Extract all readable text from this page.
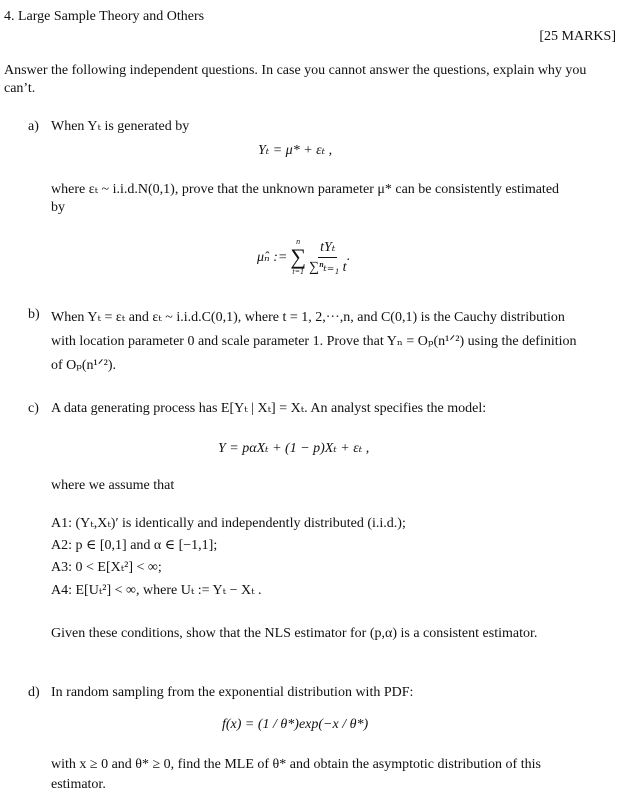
4. Large Sample Theory and Others
[25 MARKS]
Answer the following independent questions. In case you cannot answer the questions, explain why you can’t.
a) When Yₜ is generated by
Yₜ = μ* + εₜ ,
where εₜ ~ i.i.d.N(0,1), prove that the unknown parameter μ* can be consistently estimated by
μ̂ₙ :=
n
∑
$t=1 \frac{\text{tYₜ}}{\text{∑ⁿₜ₌₁ t}}$ .
b) When Yₜ = εₜ and εₜ ~ i.i.d.C(0,1), where t = 1, 2,···,n, and C(0,1) is the Cauchy distribution with location parameter 0 and scale parameter 1. Prove that Yₙ = Oₚ(n¹ᐟ²) using the definition of Oₚ(n¹ᐟ²).
c) A data generating process has E[Yₜ | Xₜ] = Xₜ. An analyst specifies the model:
Y = pαXₜ + (1 − p)Xₜ + εₜ ,
where we assume that
A1: (Yₜ,Xₜ)′ is identically and independently distributed (i.i.d.);
A2: p ∈ [0,1] and α ∈ [−1,1];
A3: 0 < E[Xₜ²] < ∞;
A4: E[Uₜ²] < ∞, where Uₜ := Yₜ − Xₜ .
Given these conditions, show that the NLS estimator for (p,α) is a consistent estimator.
d) In random sampling from the exponential distribution with PDF:
f(x) = (1 / θ*)exp(−x / θ*)
with x ≥ 0 and θ* ≥ 0, find the MLE of θ* and obtain the asymptotic distribution of this estimator.
